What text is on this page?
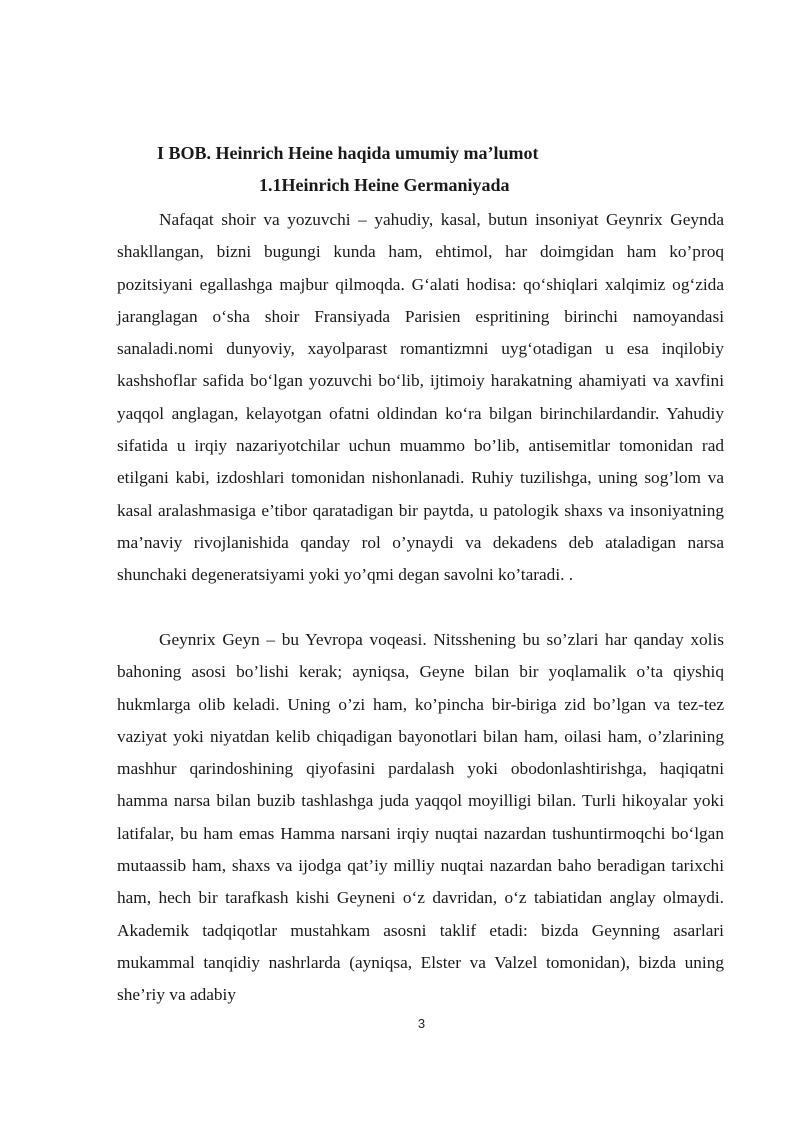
I BOB. Heinrich Heine haqida umumiy ma’lumot
1.1Heinrich Heine Germaniyada

Nafaqat shoir va yozuvchi – yahudiy, kasal, butun insoniyat Geynrix Geynda shakllangan, bizni bugungi kunda ham, ehtimol, har doimgidan ham ko’proq pozitsiyani egallashga majbur qilmoqda. G‘alati hodisa: qo‘shiqlari xalqimiz og‘zida jaranglagan o‘sha shoir Fransiyada Parisien espritining birinchi namoyandasi sanaladi.nomi dunyoviy, xayolparast romantizmni uyg‘otadigan u esa inqilobiy kashshoflar safida bo‘lgan yozuvchi bo‘lib, ijtimoiy harakatning ahamiyati va xavfini yaqqol anglagan, kelayotgan ofatni oldindan ko‘ra bilgan birinchilardandir. Yahudiy sifatida u irqiy nazariyotchilar uchun muammo bo’lib, antisemitlar tomonidan rad etilgani kabi, izdoshlari tomonidan nishonlanadi. Ruhiy tuzilishga, uning sog’lom va kasal aralashmasiga e’tibor qaratadigan bir paytda, u patologik shaxs va insoniyatning ma’naviy rivojlanishida qanday rol o’ynaydi va dekadens deb ataladigan narsa shunchaki degeneratsiyami yoki yo’qmi degan savolni ko’taradi. .

Geynrix Geyn – bu Yevropa voqeasi. Nitsshening bu so’zlari har qanday xolis bahoning asosi bo’lishi kerak; ayniqsa, Geyne bilan bir yoqlamalik o’ta qiyshiq hukmlarga olib keladi. Uning o’zi ham, ko’pincha bir-biriga zid bo’lgan va tez-tez vaziyat yoki niyatdan kelib chiqadigan bayonotlari bilan ham, oilasi ham, o’zlarining mashhur qarindoshining qiyofasini pardalash yoki obodonlashtirishga, haqiqatni hamma narsa bilan buzib tashlashga juda yaqqol moyilligi bilan. Turli hikoyalar yoki latifalar, bu ham emas Hamma narsani irqiy nuqtai nazardan tushuntirmoqchi bo‘lgan mutaassib ham, shaxs va ijodga qat’iy milliy nuqtai nazardan baho beradigan tarixchi ham, hech bir tarafkash kishi Geyneni o‘z davridan, o‘z tabiatidan anglay olmaydi. Akademik tadqiqotlar mustahkam asosni taklif etadi: bizda Geynning asarlari mukammal tanqidiy nashrlarda (ayniqsa, Elster va Valzel tomonidan), bizda uning she’riy va adabiy

3
